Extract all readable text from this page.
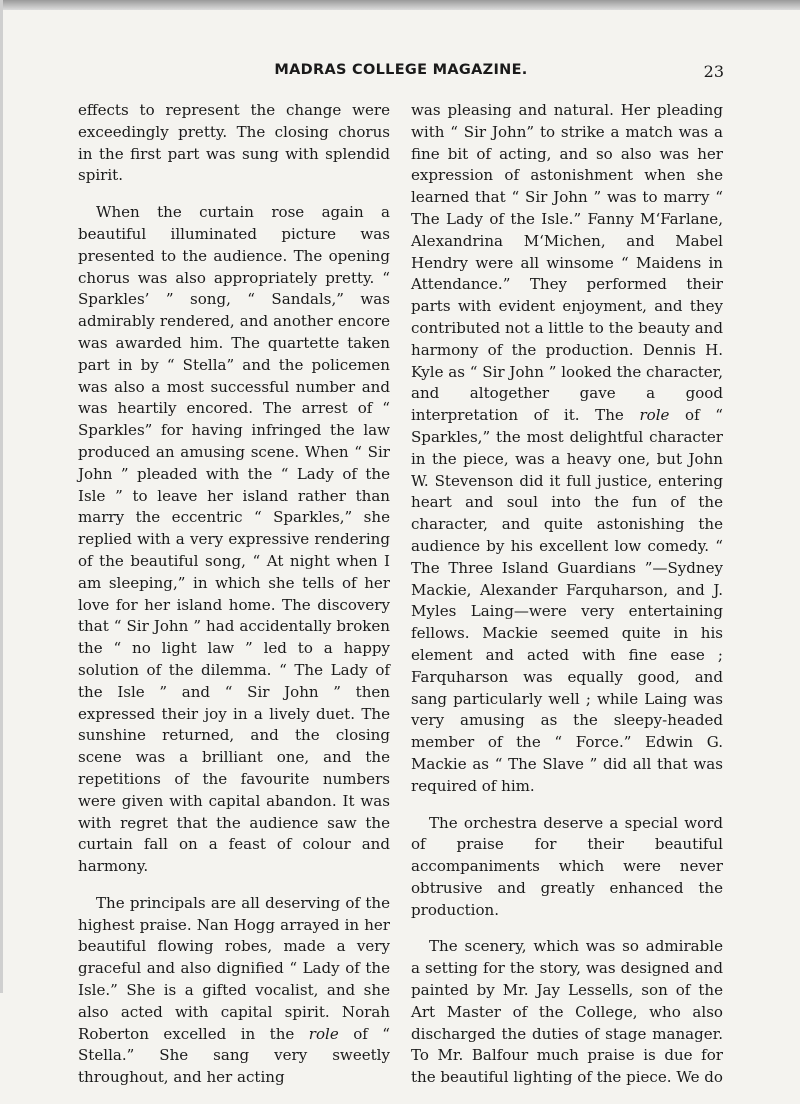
MADRAS COLLEGE MAGAZINE.	23

effects to represent the change were exceedingly pretty. The closing chorus in the first part was sung with splendid spirit.

When the curtain rose again a beautiful illuminated picture was presented to the audience. The opening chorus was also appropriately pretty. “ Sparkles’ ” song, “ Sandals,” was admirably rendered, and another encore was awarded him. The quartette taken part in by “ Stella” and the policemen was also a most successful number and was heartily encored. The arrest of “ Sparkles” for having infringed the law produced an amusing scene. When “ Sir John ” pleaded with the “ Lady of the Isle ” to leave her island rather than marry the eccentric “ Sparkles,” she replied with a very expressive rendering of the beautiful song, “ At night when I am sleeping,” in which she tells of her love for her island home. The discovery that “ Sir John ” had accidentally broken the “ no light law ” led to a happy solution of the dilemma. “ The Lady of the Isle ” and “ Sir John ” then expressed their joy in a lively duet. The sunshine returned, and the closing scene was a brilliant one, and the repetitions of the favourite numbers were given with capital abandon. It was with regret that the audience saw the curtain fall on a feast of colour and harmony.

The principals are all deserving of the highest praise. Nan Hogg arrayed in her beautiful flowing robes, made a very graceful and also dignified “ Lady of the Isle.” She is a gifted vocalist, and she also acted with capital spirit. Norah Roberton excelled in the role of “ Stella.” She sang very sweetly throughout, and her acting

was pleasing and natural. Her pleading with “ Sir John” to strike a match was a fine bit of acting, and so also was her expression of astonishment when she learned that “ Sir John ” was to marry “ The Lady of the Isle.” Fanny M‘Farlane, Alexandrina M‘Michen, and Mabel Hendry were all winsome “ Maidens in Attendance.” They performed their parts with evident enjoyment, and they contributed not a little to the beauty and harmony of the production. Dennis H. Kyle as “ Sir John ” looked the character, and altogether gave a good interpretation of it. The role of “ Sparkles,” the most delightful character in the piece, was a heavy one, but John W. Stevenson did it full justice, entering heart and soul into the fun of the character, and quite astonishing the audience by his excellent low comedy. “ The Three Island Guardians ”—Sydney Mackie, Alexander Farquharson, and J. Myles Laing—were very entertaining fellows. Mackie seemed quite in his element and acted with fine ease ; Farquharson was equally good, and sang particularly well ; while Laing was very amusing as the sleepy-headed member of the “ Force.” Edwin G. Mackie as “ The Slave ” did all that was required of him.

The orchestra deserve a special word of praise for their beautiful accompaniments which were never obtrusive and greatly enhanced the production.

The scenery, which was so admirable a setting for the story, was designed and painted by Mr. Jay Lessells, son of the Art Master of the College, who also discharged the duties of stage manager. To Mr. Balfour much praise is due for the beautiful lighting of the piece. We do
